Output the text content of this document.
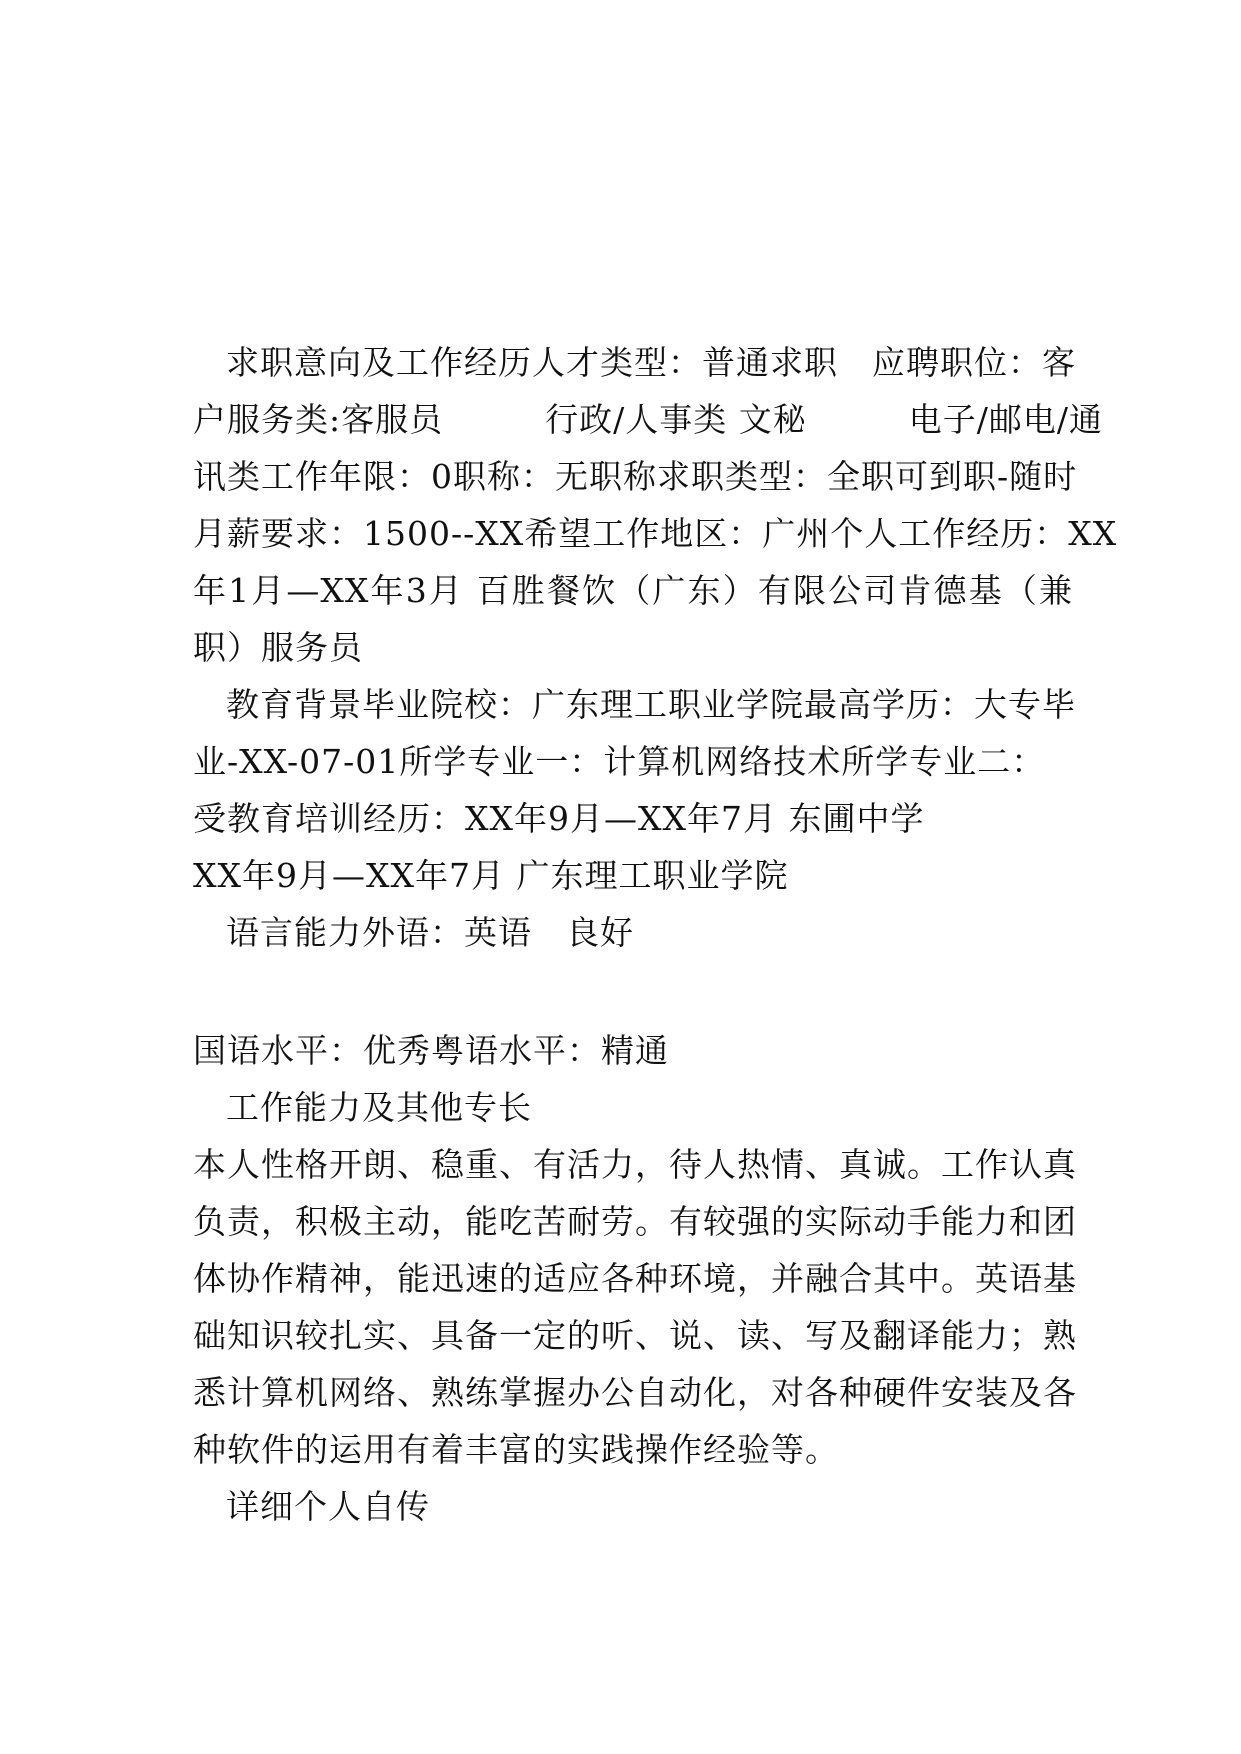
求职意向及工作经历人才类型：普通求职　应聘职位：客
户服务类:客服员　　　行政/人事类 文秘　　　电子/邮电/通
讯类工作年限：0职称：无职称求职类型：全职可到职-随时
月薪要求：1500--XX希望工作地区：广州个人工作经历：XX
年1月—XX年3月 百胜餐饮（广东）有限公司肯德基（兼
职）服务员
教育背景毕业院校：广东理工职业学院最高学历：大专毕
业-XX-07-01所学专业一：计算机网络技术所学专业二：
受教育培训经历：XX年9月—XX年7月 东圃中学
XX年9月—XX年7月 广东理工职业学院
语言能力外语：英语　良好
国语水平：优秀粤语水平：精通
工作能力及其他专长
本人性格开朗、稳重、有活力，待人热情、真诚。工作认真
负责，积极主动，能吃苦耐劳。有较强的实际动手能力和团
体协作精神，能迅速的适应各种环境，并融合其中。英语基
础知识较扎实、具备一定的听、说、读、写及翻译能力；熟
悉计算机网络、熟练掌握办公自动化，对各种硬件安装及各
种软件的运用有着丰富的实践操作经验等。
详细个人自传
